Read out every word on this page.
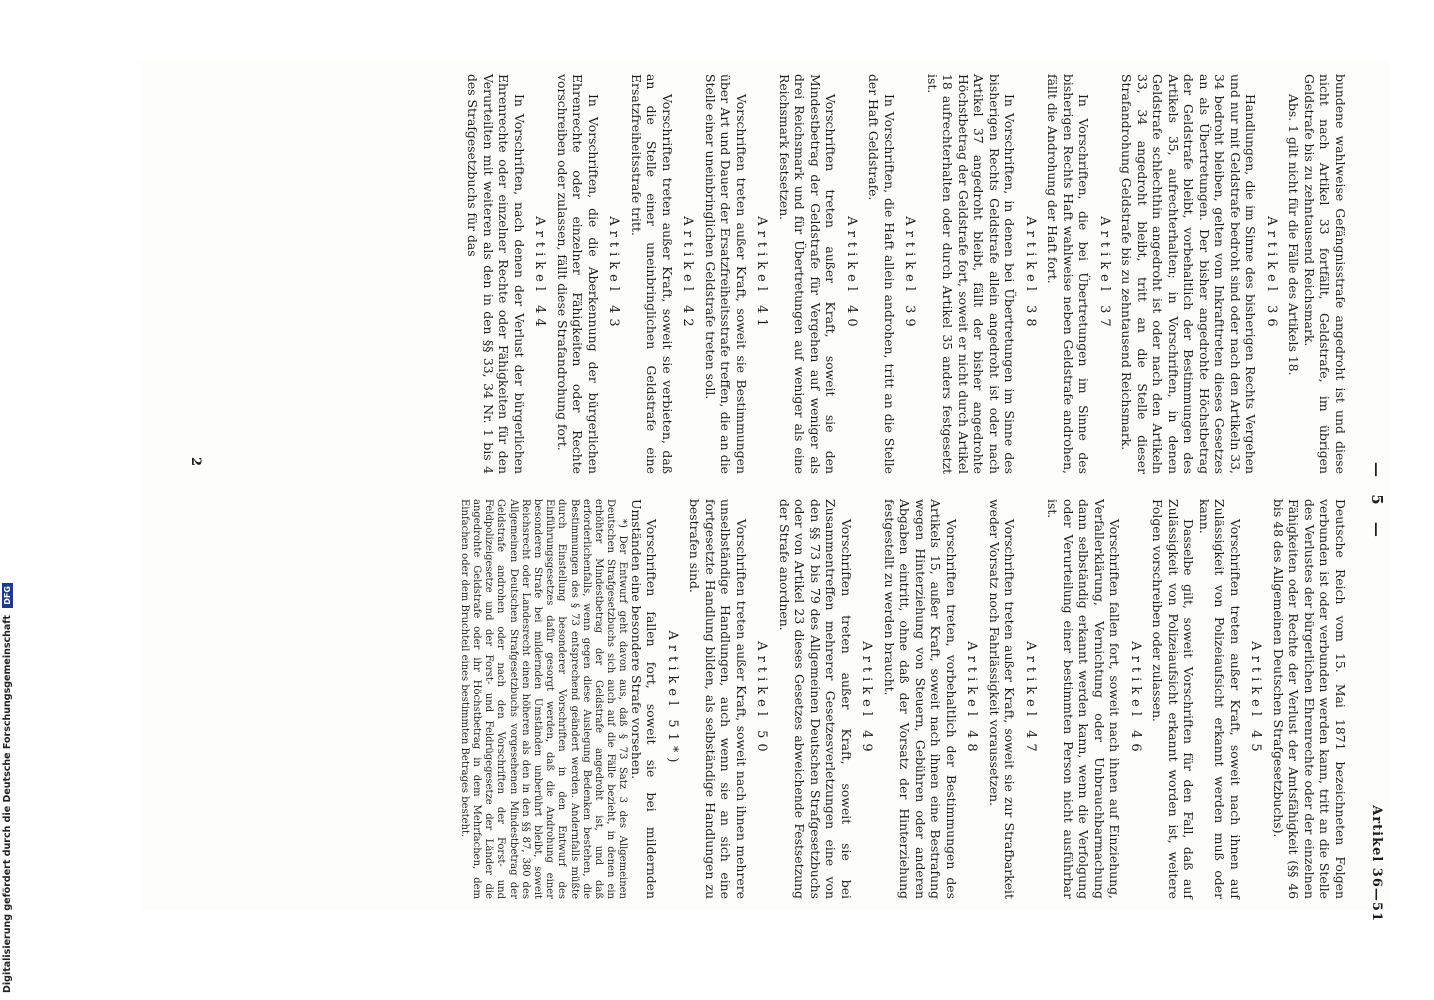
— 5 —
Artikel 36—51

bundene wahlweise Gefängnisstrafe angedroht ist und diese nicht nach Artikel 33 fortfällt, Geldstrafe, im übrigen Geldstrafe bis zu zehntausend Reichsmark.

Abs. 1 gilt nicht für die Fälle des Artikels 18.

Artikel 36

Handlungen, die im Sinne des bisherigen Rechts Vergehen und nur mit Geldstrafe bedroht sind oder nach den Artikeln 33, 34 bedroht bleiben, gelten vom Inkrafttreten dieses Gesetzes an als Übertretungen. Der bisher angedrohte Höchstbetrag der Geldstrafe bleibt, vorbehaltlich der Bestimmungen des Artikels 35, aufrechterhalten; in Vorschriften, in denen Geldstrafe schlechthin angedroht ist oder nach den Artikeln 33, 34 angedroht bleibt, tritt an die Stelle dieser Strafandrohung Geldstrafe bis zu zehntausend Reichsmark.

Artikel 37

In Vorschriften, die bei Übertretungen im Sinne des bisherigen Rechts Haft wahlweise neben Geldstrafe androhen, fällt die Androhung der Haft fort.

Artikel 38

In Vorschriften, in denen bei Übertretungen im Sinne des bisherigen Rechts Geldstrafe allein angedroht ist oder nach Artikel 37 angedroht bleibt, fällt der bisher angedrohte Höchstbetrag der Geldstrafe fort, soweit er nicht durch Artikel 18 aufrechterhalten oder durch Artikel 35 anders festgesetzt ist.

Artikel 39

In Vorschriften, die Haft allein androhen, tritt an die Stelle der Haft Geldstrafe.

Artikel 40

Vorschriften treten außer Kraft, soweit sie den Mindestbetrag der Geldstrafe für Vergehen auf weniger als drei Reichsmark und für Übertretungen auf weniger als eine Reichsmark festsetzen.

Artikel 41

Vorschriften treten außer Kraft, soweit sie Bestimmungen über Art und Dauer der Ersatzfreiheitsstrafe treffen, die an die Stelle einer uneinbringlichen Geldstrafe treten soll.

Artikel 42

Vorschriften treten außer Kraft, soweit sie verbieten, daß an die Stelle einer uneinbringlichen Geldstrafe eine Ersatzfreiheitsstrafe tritt.

Artikel 43

In Vorschriften, die die Aberkennung der bürgerlichen Ehrenrechte oder einzelner Fähigkeiten oder Rechte vorschreiben oder zulassen, fällt diese Strafandrohung fort.

Artikel 44

In Vorschriften, nach denen der Verlust der bürgerlichen Ehrenrechte oder einzelner Rechte oder Fähigkeiten für den Verurteilten mit weiteren als den in den §§ 33, 34 Nr. 1 bis 4 des Strafgesetzbuchs für das

Deutsche Reich vom 15. Mai 1871 bezeichneten Folgen verbunden ist oder verbunden werden kann, tritt an die Stelle des Verlustes der bürgerlichen Ehrenrechte oder der einzelnen Fähigkeiten oder Rechte der Verlust der Amtsfähigkeit (§§ 46 bis 48 des Allgemeinen Deutschen Strafgesetzbuchs).

Artikel 45

Vorschriften treten außer Kraft, soweit nach ihnen auf Zulässigkeit von Polizeiaufsicht erkannt werden muß oder kann.

Dasselbe gilt, soweit Vorschriften für den Fall, daß auf Zulässigkeit von Polizeiaufsicht erkannt worden ist, weitere Folgen vorschreiben oder zulassen.

Artikel 46

Vorschriften fallen fort, soweit nach ihnen auf Einziehung, Verfallerklärung, Vernichtung oder Unbrauchbarmachung dann selbständig erkannt werden kann, wenn die Verfolgung oder Verurteilung einer bestimmten Person nicht ausführbar ist.

Artikel 47

Vorschriften treten außer Kraft, soweit sie zur Strafbarkeit weder Vorsatz noch Fahrlässigkeit voraussetzen.

Artikel 48

Vorschriften treten, vorbehaltlich der Bestimmungen des Artikels 15, außer Kraft, soweit nach ihnen eine Bestrafung wegen Hinterziehung von Steuern, Gebühren oder anderen Abgaben eintritt, ohne daß der Vorsatz der Hinterziehung festgestellt zu werden braucht.

Artikel 49

Vorschriften treten außer Kraft, soweit sie bei Zusammentreffen mehrerer Gesetzesverletzungen eine von den §§ 73 bis 79 des Allgemeinen Deutschen Strafgesetzbuchs oder von Artikel 23 dieses Gesetzes abweichende Festsetzung der Strafe anordnen.

Artikel 50

Vorschriften treten außer Kraft, soweit nach ihnen mehrere unselbständige Handlungen, auch wenn sie an sich eine fortgesetzte Handlung bilden, als selbständige Handlungen zu bestrafen sind.

Artikel 51*)

Vorschriften fallen fort, soweit sie bei mildernden Umständen eine besondere Strafe vorsehen.

*) Der Entwurf geht davon aus, daß § 73 Satz 3 des Allgemeinen Deutschen Strafgesetzbuchs sich auch auf die Fälle bezieht, in denen ein erhöhter Mindestbetrag der Geldstrafe angedroht ist, und daß erforderlichenfalls, wenn gegen diese Auslegung Bedenken bestehen, die Bestimmungen des § 73 entsprechend geändert werden. Andernfalls müßte durch Einstellung besonderer Vorschriften in den Entwurf des Einführungsgesetzes dafür gesorgt werden, daß die Androhung einer besonderen Strafe bei mildernden Umständen unberührt bleibt, soweit Reichsrecht oder Landesrecht einen höheren als den in den §§ 87, 380 des Allgemeinen Deutschen Strafgesetzbuchs vorgesehenen Mindestbetrag der Geldstrafe androhen oder nach den Vorschriften der Forst- und Feldpolizeigesetze und der Forst- und Feldrügegesetze der Länder die angedrohte Geldstrafe oder ihr Höchstbetrag in dem Mehrfachen, dem Einfachen oder dem Bruchteil eines bestimmten Betrages besteht.

2
Digitalisierung gefördert durch die Deutsche Forschungsgemeinschaft DFG
